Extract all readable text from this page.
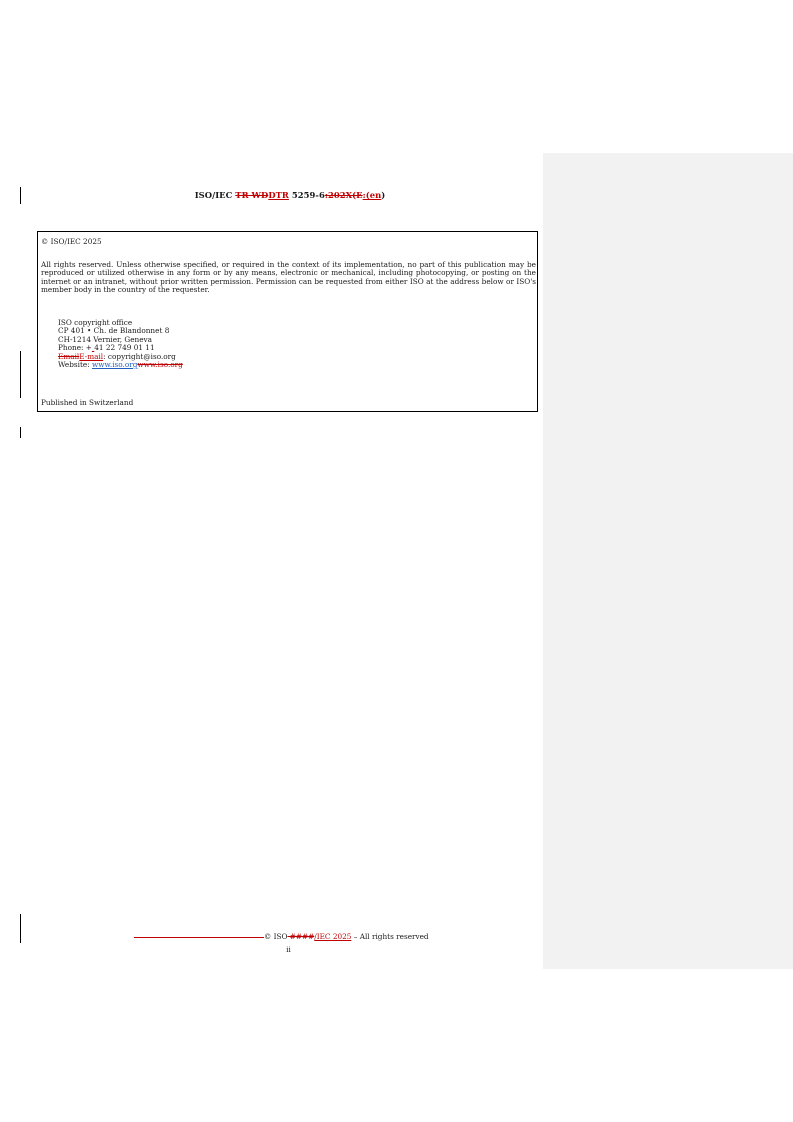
ISO/IEC TR WDDTR 5259-6:202X(E:(en)
© ISO/IEC 2025
All rights reserved. Unless otherwise specified, or required in the context of its implementation, no part of this publication may be reproduced or utilized otherwise in any form or by any means, electronic or mechanical, including photocopying, or posting on the internet or an intranet, without prior written permission. Permission can be requested from either ISO at the address below or ISO's member body in the country of the requester.
ISO copyright office
CP 401 • Ch. de Blandonnet 8
CH-1214 Vernier, Geneva
Phone: + 41 22 749 01 11
EmailE-mail: copyright@iso.org
Website: www.iso.orgwww.iso.org
Published in Switzerland
© ISO ####/IEC 2025 – All rights reserved
ii
